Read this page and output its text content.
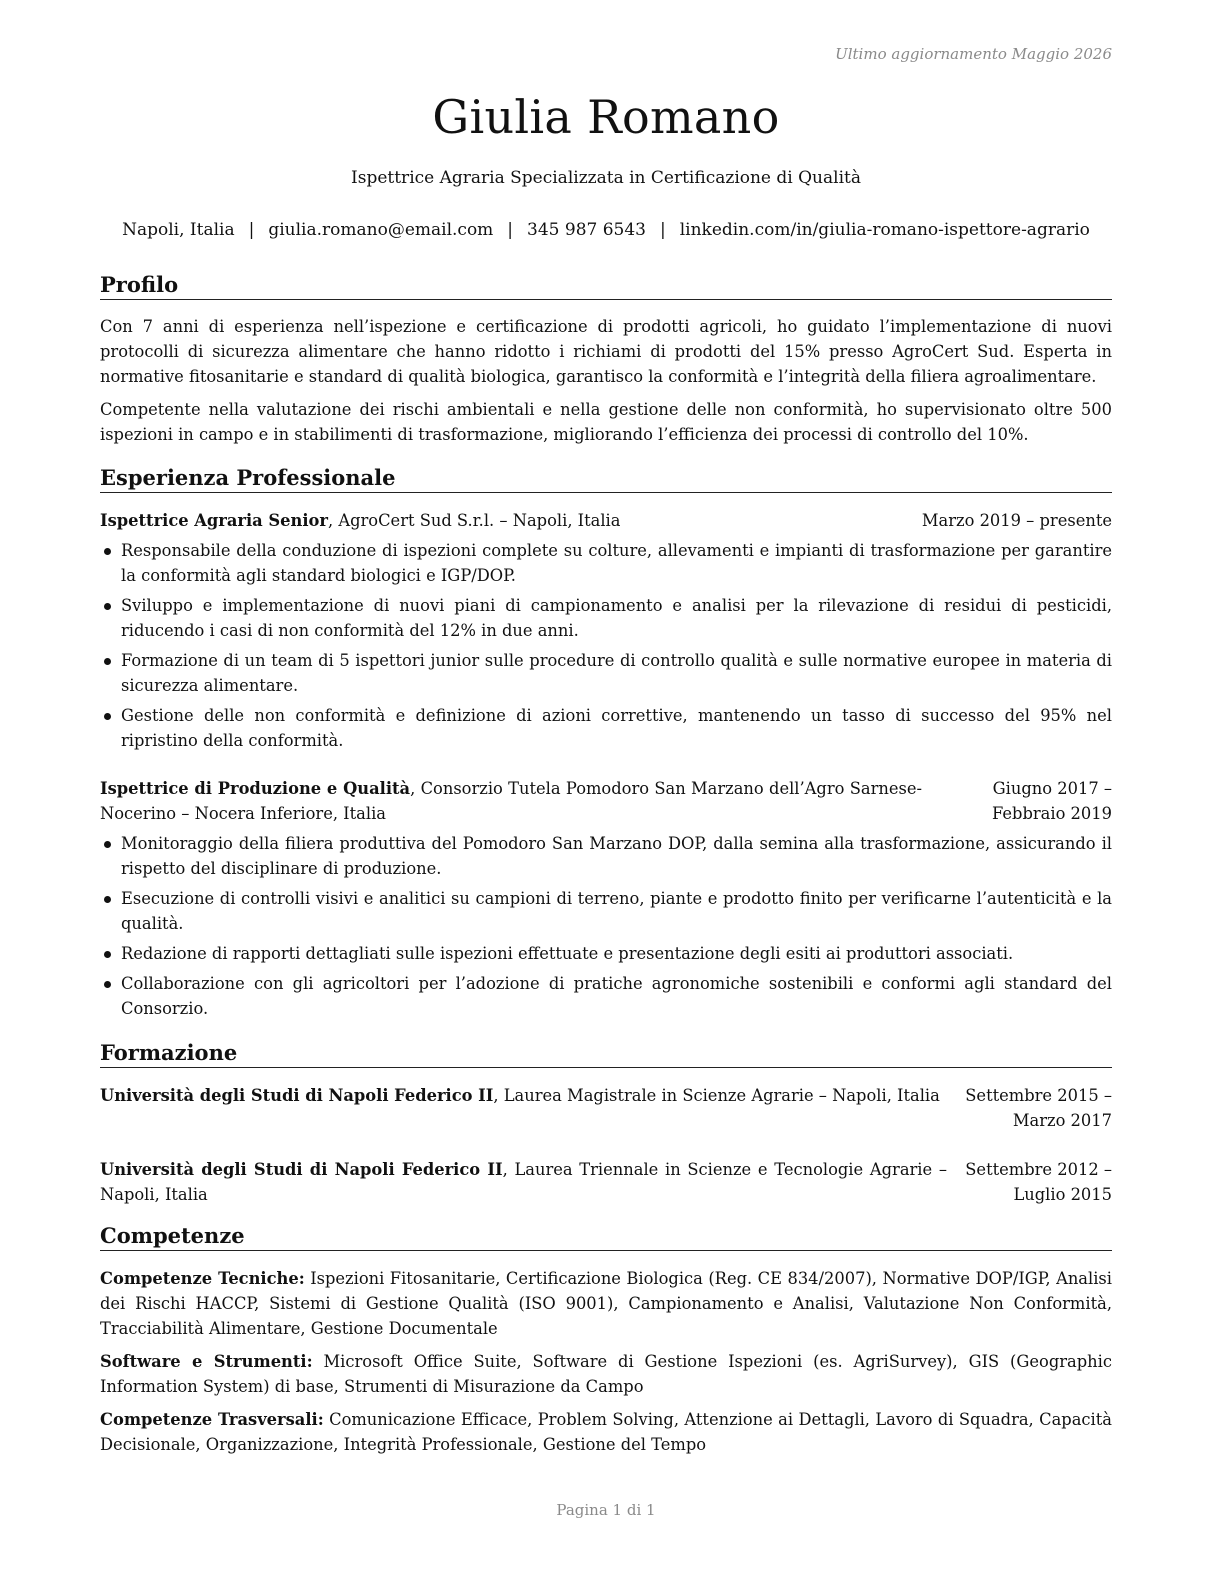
Ultimo aggiornamento Maggio 2026

Giulia Romano

Ispettrice Agraria Specializzata in Certificazione di Qualità

Napoli, Italia | giulia.romano@email.com | 345 987 6543 | linkedin.com/in/giulia-romano-ispettore-agrario

Profilo

Con 7 anni di esperienza nell’ispezione e certificazione di prodotti agricoli, ho guidato l’implementazione di nuovi protocolli di sicurezza alimentare che hanno ridotto i richiami di prodotti del 15% presso AgroCert Sud. Esperta in normative fitosanitarie e standard di qualità biologica, garantisco la conformità e l’integrità della filiera agroalimentare.

Competente nella valutazione dei rischi ambientali e nella gestione delle non conformità, ho supervisionato oltre 500 ispezioni in campo e in stabilimenti di trasformazione, migliorando l’efficienza dei processi di controllo del 10%.

Esperienza Professionale
Ispettrice Agraria Senior, AgroCert Sud S.r.l. – Napoli, Italia	Marzo 2019 – presente
Responsabile della conduzione di ispezioni complete su colture, allevamenti e impianti di trasformazione per garantire la conformità agli standard biologici e IGP/DOP.
Sviluppo e implementazione di nuovi piani di campionamento e analisi per la rilevazione di residui di pesticidi, riducendo i casi di non conformità del 12% in due anni.
Formazione di un team di 5 ispettori junior sulle procedure di controllo qualità e sulle normative europee in materia di sicurezza alimentare.
Gestione delle non conformità e definizione di azioni correttive, mantenendo un tasso di successo del 95% nel ripristino della conformità.
Ispettrice di Produzione e Qualità, Consorzio Tutela Pomodoro San Marzano dell’Agro Sarnese-Nocerino – Nocera Inferiore, Italia
Giugno 2017 – Febbraio 2019
Monitoraggio della filiera produttiva del Pomodoro San Marzano DOP, dalla semina alla trasformazione, assicurando il rispetto del disciplinare di produzione.
Esecuzione di controlli visivi e analitici su campioni di terreno, piante e prodotto finito per verificarne l’autenticità e la qualità.
Redazione di rapporti dettagliati sulle ispezioni effettuate e presentazione degli esiti ai produttori associati.
Collaborazione con gli agricoltori per l’adozione di pratiche agronomiche sostenibili e conformi agli standard del Consorzio.
Formazione
Università degli Studi di Napoli Federico II, Laurea Magistrale in Scienze Agrarie – Napoli, Italia	Settembre 2015 – Marzo 2017
Università degli Studi di Napoli Federico II, Laurea Triennale in Scienze e Tecnologie Agrarie – Napoli, Italia
Settembre 2012 – Luglio 2015
Competenze

Competenze Tecniche: Ispezioni Fitosanitarie, Certificazione Biologica (Reg. CE 834/2007), Normative DOP/IGP, Analisi dei Rischi HACCP, Sistemi di Gestione Qualità (ISO 9001), Campionamento e Analisi, Valutazione Non Conformità, Tracciabilità Alimentare, Gestione Documentale

Software e Strumenti: Microsoft Office Suite, Software di Gestione Ispezioni (es. AgriSurvey), GIS (Geographic Information System) di base, Strumenti di Misurazione da Campo

Competenze Trasversali: Comunicazione Efficace, Problem Solving, Attenzione ai Dettagli, Lavoro di Squadra, Capacità Decisionale, Organizzazione, Integrità Professionale, Gestione del Tempo

Pagina 1 di 1
